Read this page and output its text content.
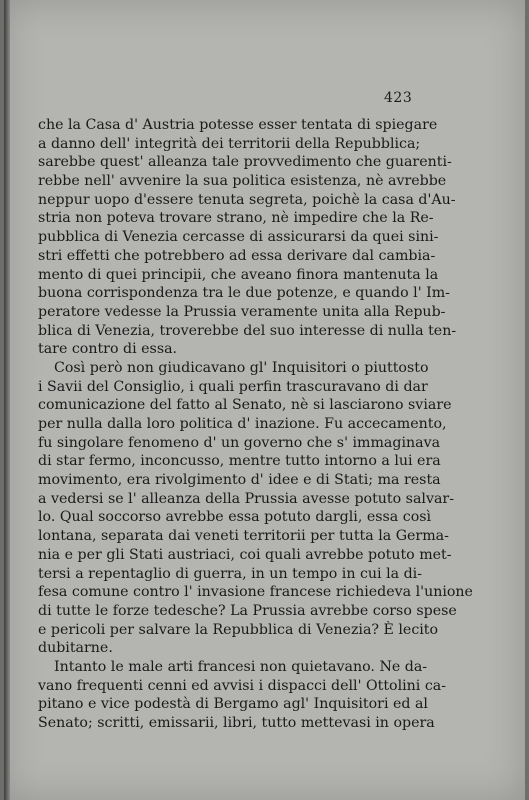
423
che la Casa d' Austria potesse esser tentata di spiegare
a danno dell' integrità dei territorii della Repubblica;
sarebbe quest' alleanza tale provvedimento che guarenti-
rebbe nell' avvenire la sua politica esistenza, nè avrebbe
neppur uopo d'essere tenuta segreta, poichè la casa d'Au-
stria non poteva trovare strano, nè impedire che la Re-
pubblica di Venezia cercasse di assicurarsi da quei sini-
stri effetti che potrebbero ad essa derivare dal cambia-
mento di quei principii, che aveano finora mantenuta la
buona corrispondenza tra le due potenze, e quando l' Im-
peratore vedesse la Prussia veramente unita alla Repub-
blica di Venezia, troverebbe del suo interesse di nulla ten-
tare contro di essa.
Così però non giudicavano gl' Inquisitori o piuttosto
i Savii del Consiglio, i quali perfin trascuravano di dar
comunicazione del fatto al Senato, nè si lasciarono sviare
per nulla dalla loro politica d' inazione. Fu accecamento,
fu singolare fenomeno d' un governo che s' immaginava
di star fermo, inconcusso, mentre tutto intorno a lui era
movimento, era rivolgimento d' idee e di Stati; ma resta
a vedersi se l' alleanza della Prussia avesse potuto salvar-
lo. Qual soccorso avrebbe essa potuto dargli, essa così
lontana, separata dai veneti territorii per tutta la Germa-
nia e per gli Stati austriaci, coi quali avrebbe potuto met-
tersi a repentaglio di guerra, in un tempo in cui la di-
fesa comune contro l' invasione francese richiedeva l'unione
di tutte le forze tedesche? La Prussia avrebbe corso spese
e pericoli per salvare la Repubblica di Venezia? È lecito
dubitarne.
Intanto le male arti francesi non quietavano. Ne da-
vano frequenti cenni ed avvisi i dispacci dell' Ottolini ca-
pitano e vice podestà di Bergamo agl' Inquisitori ed al
Senato; scritti, emissarii, libri, tutto mettevasi in opera
